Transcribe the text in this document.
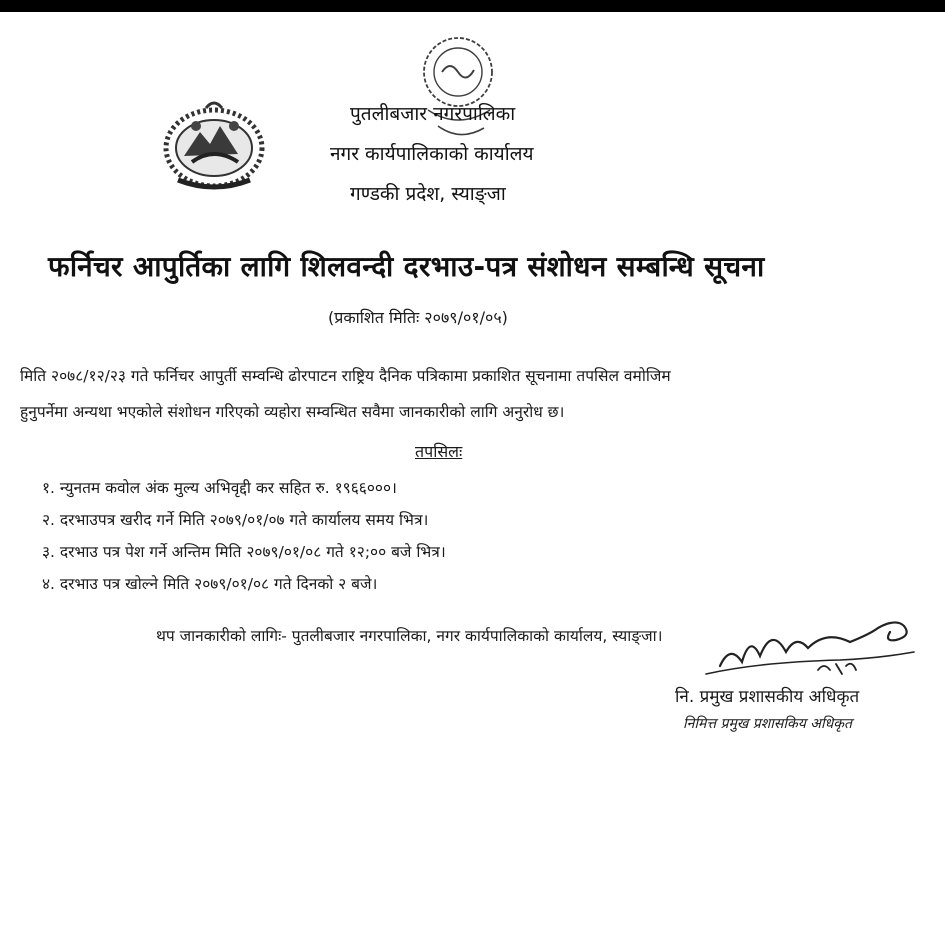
पुतलीबजार नगरपालिका
नगर कार्यपालिकाको कार्यालय
गण्डकी प्रदेश, स्याङ्जा
फर्निचर आपुर्तिका लागि शिलवन्दी दरभाउ-पत्र संशोधन सम्बन्धि सूचना
(प्रकाशित मितिः २०७९/०१/०५)
मिति २०७८/१२/२३ गते फर्निचर आपुर्ती सम्वन्धि ढोरपाटन राष्ट्रिय दैनिक पत्रिकामा प्रकाशित सूचनामा तपसिल वमोजिम
हुनुपर्नेमा अन्यथा भएकोले संशोधन गरिएको व्यहोरा सम्वन्धित सवैमा जानकारीको लागि अनुरोध छ।
तपसिलः
१. न्युनतम कवोल अंक मुल्य अभिवृद्दी कर सहित रु. १९६६०००।
२. दरभाउपत्र खरीद गर्ने मिति २०७९/०१/०७ गते कार्यालय समय भित्र।
३. दरभाउ पत्र पेश गर्ने अन्तिम मिति २०७९/०१/०८ गते १२;०० बजे भित्र।
४. दरभाउ पत्र खोल्ने मिति २०७९/०१/०८ गते दिनको २ बजे।
थप जानकारीको लागिः- पुतलीबजार नगरपालिका, नगर कार्यपालिकाको कार्यालय, स्याङ्जा।
नि. प्रमुख प्रशासकीय अधिकृत
निमित्त प्रमुख प्रशासकिय अधिकृत
